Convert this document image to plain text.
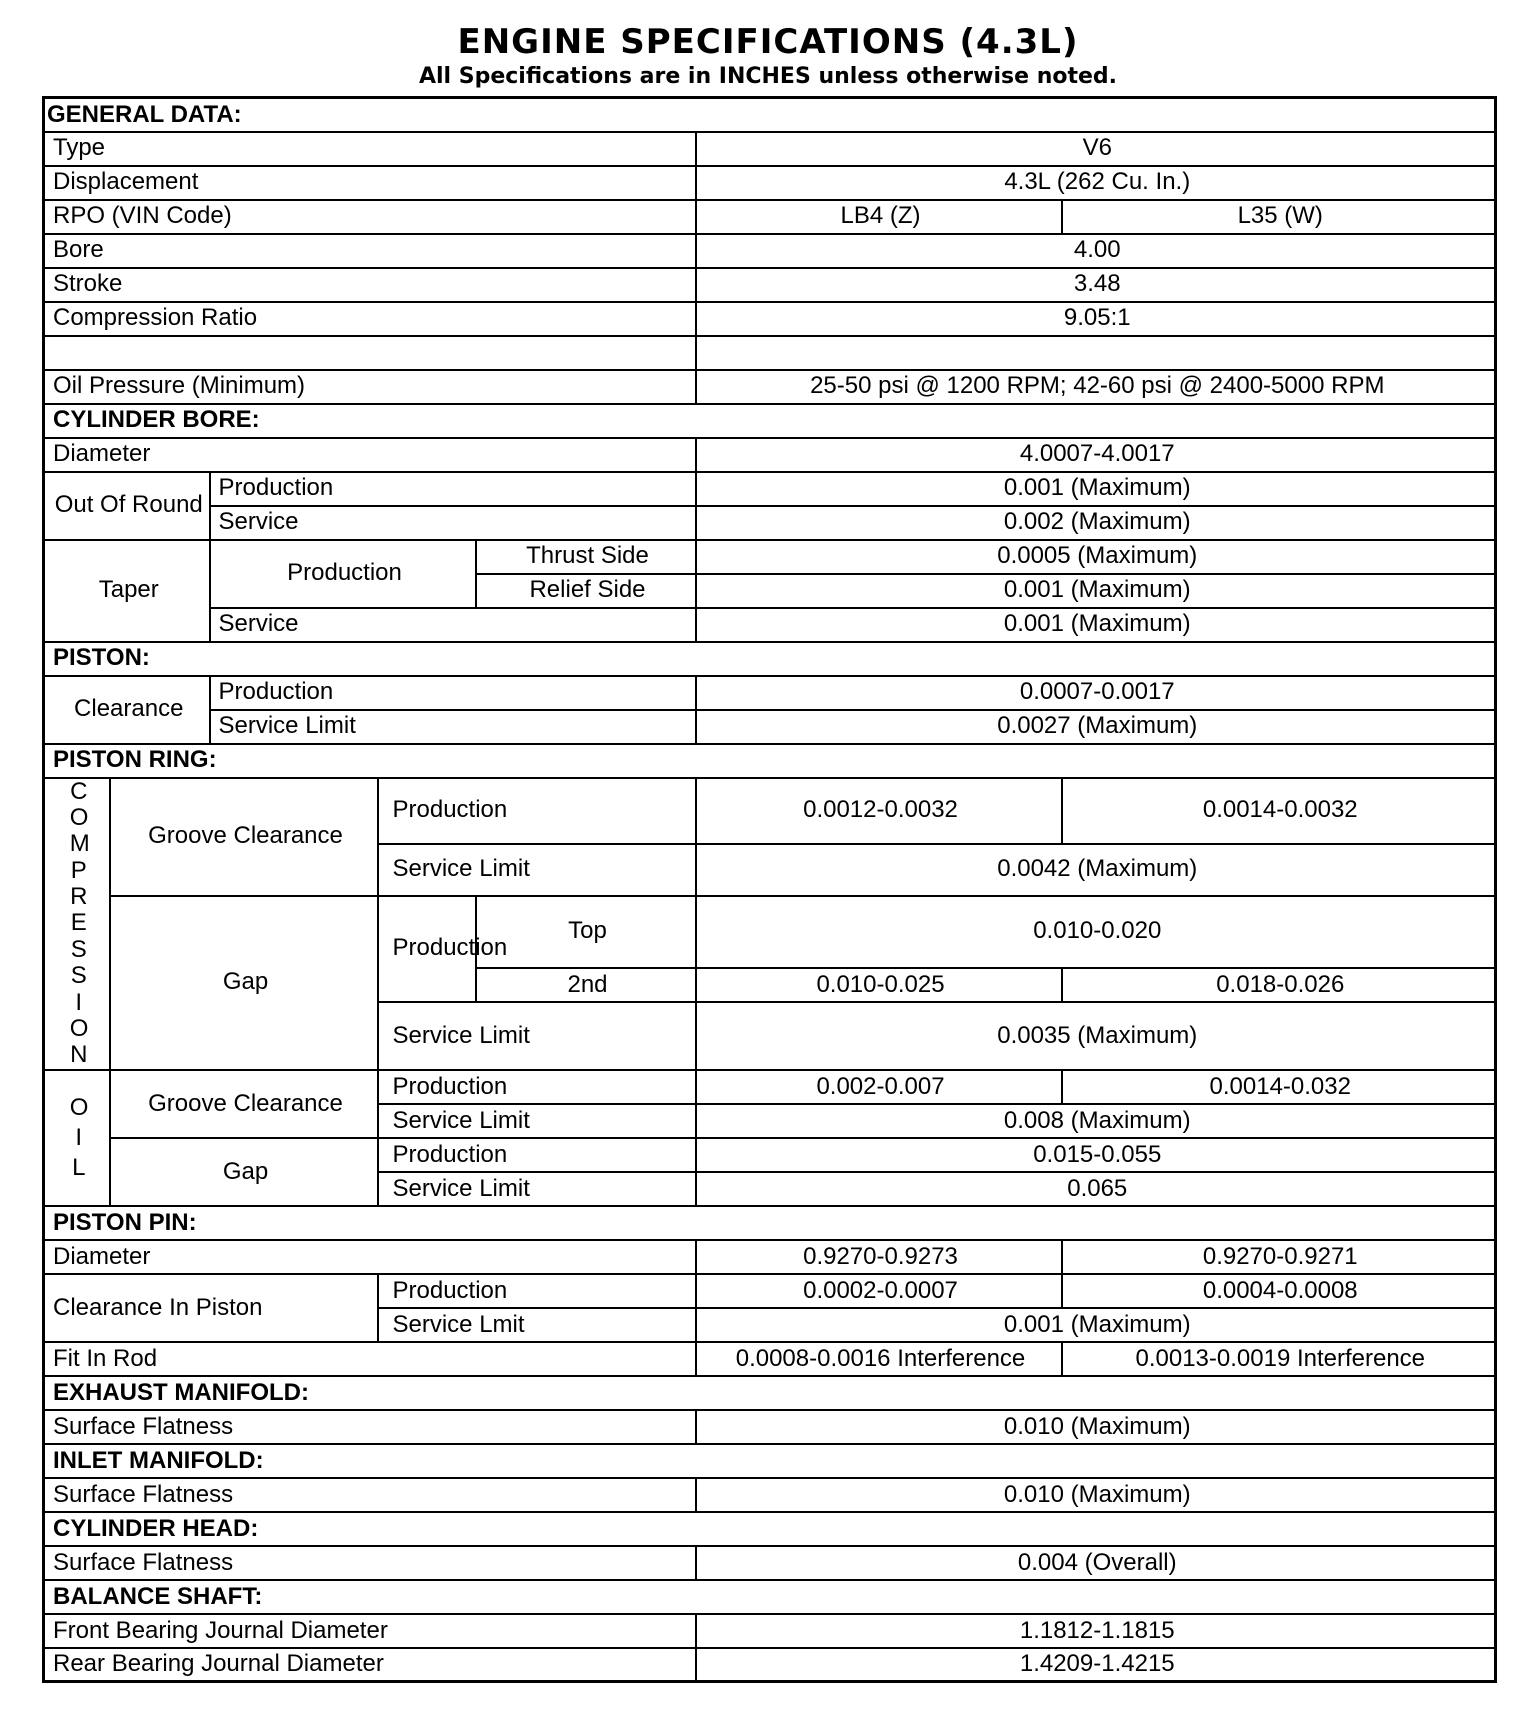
ENGINE SPECIFICATIONS (4.3L)

All Specifications are in INCHES unless otherwise noted.

GENERAL DATA:						
Type					V6	
Displacement					4.3L (262 Cu. In.)	
RPO (VIN Code)					LB4 (Z)	L35 (W)
Bore					4.00	
Stroke					3.48	
Compression Ratio					9.05:1	

Oil Pressure (Minimum)					25-50 psi @ 1200 RPM; 42-60 psi @ 2400-5000 RPM	
CYLINDER BORE:						
Diameter					4.0007-4.0017	
Out Of Round		Production			0.001 (Maximum)	
		Service			0.002 (Maximum)	
Taper		Production		Thrust Side	0.0005 (Maximum)	
				Relief Side	0.001 (Maximum)	
		Service			0.001 (Maximum)	
PISTON:						
Clearance		Production			0.0007-0.0017	
		Service Limit			0.0027 (Maximum)	
PISTON RING:						
COMPRESSION	Groove Clearance		Production		0.0012-0.0032	0.0014-0.0032

			Service Limit		0.0042 (Maximum)	
	Gap		Production	Top	0.010-0.020	
				2nd	0.010-0.025	0.018-0.026
			Service Limit		0.0035 (Maximum)	

OIL	Groove Clearance		Production		0.002-0.007	0.0014-0.032
			Service Limit		0.008 (Maximum)	
	Gap		Production		0.015-0.055	
			Service Limit		0.065	
PISTON PIN:						
Diameter					0.9270-0.9273	0.9270-0.9271
Clearance In Piston			Production		0.0002-0.0007	0.0004-0.0008
			Service Lmit		0.001 (Maximum)	
Fit In Rod					0.0008-0.0016 Interference	0.0013-0.0019 Interference
EXHAUST MANIFOLD:						
Surface Flatness					0.010 (Maximum)	
INLET MANIFOLD:						
Surface Flatness					0.010 (Maximum)	
CYLINDER HEAD:						
Surface Flatness					0.004 (Overall)	
BALANCE SHAFT:						
Front Bearing Journal Diameter					1.1812-1.1815	
Rear Bearing Journal Diameter					1.4209-1.4215	
